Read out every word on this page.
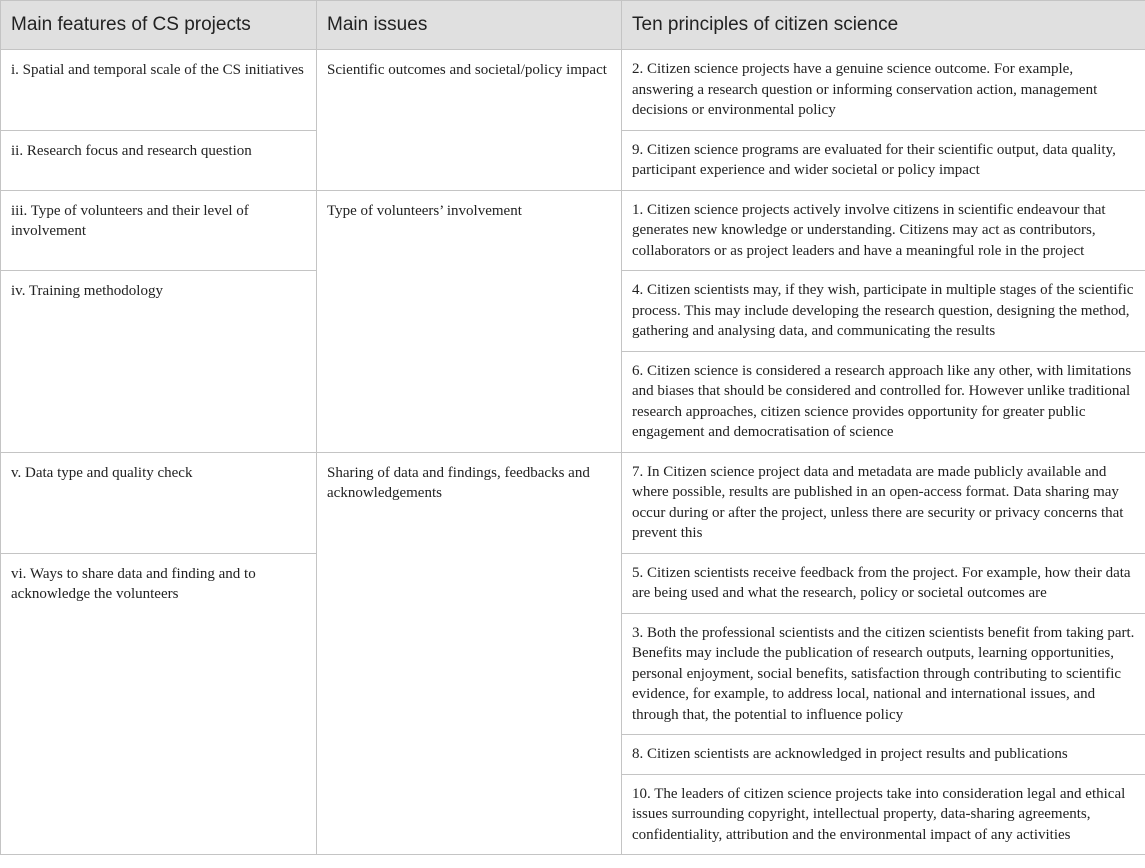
Main features of CS projects	Main issues	Ten principles of citizen science
i. Spatial and temporal scale of the CS initiatives	Scientific outcomes and societal/policy impact	2. Citizen science projects have a genuine science outcome. For example, answering a research question or informing conservation action, management decisions or environmental policy
ii. Research focus and research question		9. Citizen science programs are evaluated for their scientific output, data quality, participant experience and wider societal or policy impact
iii. Type of volunteers and their level of involvement	Type of volunteers’ involvement	1. Citizen science projects actively involve citizens in scientific endeavour that generates new knowledge or understanding. Citizens may act as contributors, collaborators or as project leaders and have a meaningful role in the project
iv. Training methodology		4. Citizen scientists may, if they wish, participate in multiple stages of the scientific process. This may include developing the research question, designing the method, gathering and analysing data, and communicating the results
		6. Citizen science is considered a research approach like any other, with limitations and biases that should be considered and controlled for. However unlike traditional research approaches, citizen science provides opportunity for greater public engagement and democratisation of science
v. Data type and quality check	Sharing of data and findings, feedbacks and acknowledgements	7. In Citizen science project data and metadata are made publicly available and where possible, results are published in an open-access format. Data sharing may occur during or after the project, unless there are security or privacy concerns that prevent this
vi. Ways to share data and finding and to acknowledge the volunteers		5. Citizen scientists receive feedback from the project. For example, how their data are being used and what the research, policy or societal outcomes are
		3. Both the professional scientists and the citizen scientists benefit from taking part. Benefits may include the publication of research outputs, learning opportunities, personal enjoyment, social benefits, satisfaction through contributing to scientific evidence, for example, to address local, national and international issues, and through that, the potential to influence policy
		8. Citizen scientists are acknowledged in project results and publications
		10. The leaders of citizen science projects take into consideration legal and ethical issues surrounding copyright, intellectual property, data-sharing agreements, confidentiality, attribution and the environmental impact of any activities
